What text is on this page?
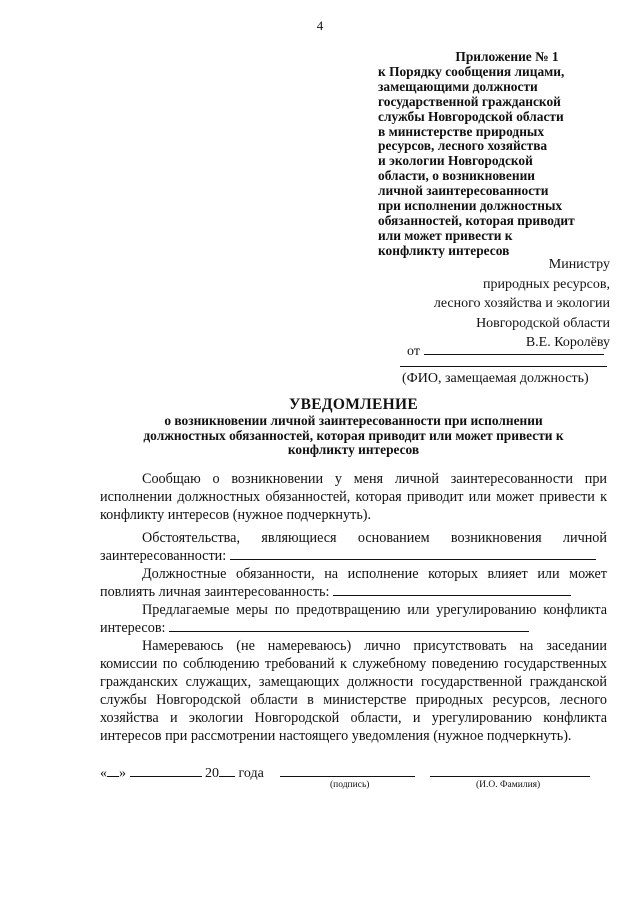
4
Приложение № 1
к Порядку сообщения лицами,
замещающими должности
государственной гражданской
службы Новгородской области
в министерстве природных
ресурсов, лесного хозяйства
и экологии Новгородской
области, о возникновении
личной заинтересованности
при исполнении должностных
обязанностей, которая приводит
или может привести к
конфликту интересов
Министру
природных ресурсов,
лесного хозяйства и экологии
Новгородской области
В.Е. Королёву
от
(ФИО, замещаемая должность)
УВЕДОМЛЕНИЕ
о возникновении личной заинтересованности при исполнении
должностных обязанностей, которая приводит или может привести к
конфликту интересов

Сообщаю о возникновении у меня личной заинтересованности при исполнении должностных обязанностей, которая приводит или может привести к конфликту интересов (нужное подчеркнуть).

Обстоятельства, являющиеся основанием возникновения личной заинтересованности:

Должностные обязанности, на исполнение которых влияет или может повлиять личная заинтересованность:

Предлагаемые меры по предотвращению или урегулированию конфликта интересов:

Намереваюсь (не намереваюсь) лично присутствовать на заседании комиссии по соблюдению требований к служебному поведению государственных гражданских служащих, замещающих должности государственной гражданской службы Новгородской области в министерстве природных ресурсов, лесного хозяйства и экологии Новгородской области, и урегулированию конфликта интересов при рассмотрении настоящего уведомления (нужное подчеркнуть).

« »	20 года
(подпись)	(И.О. Фамилия)
